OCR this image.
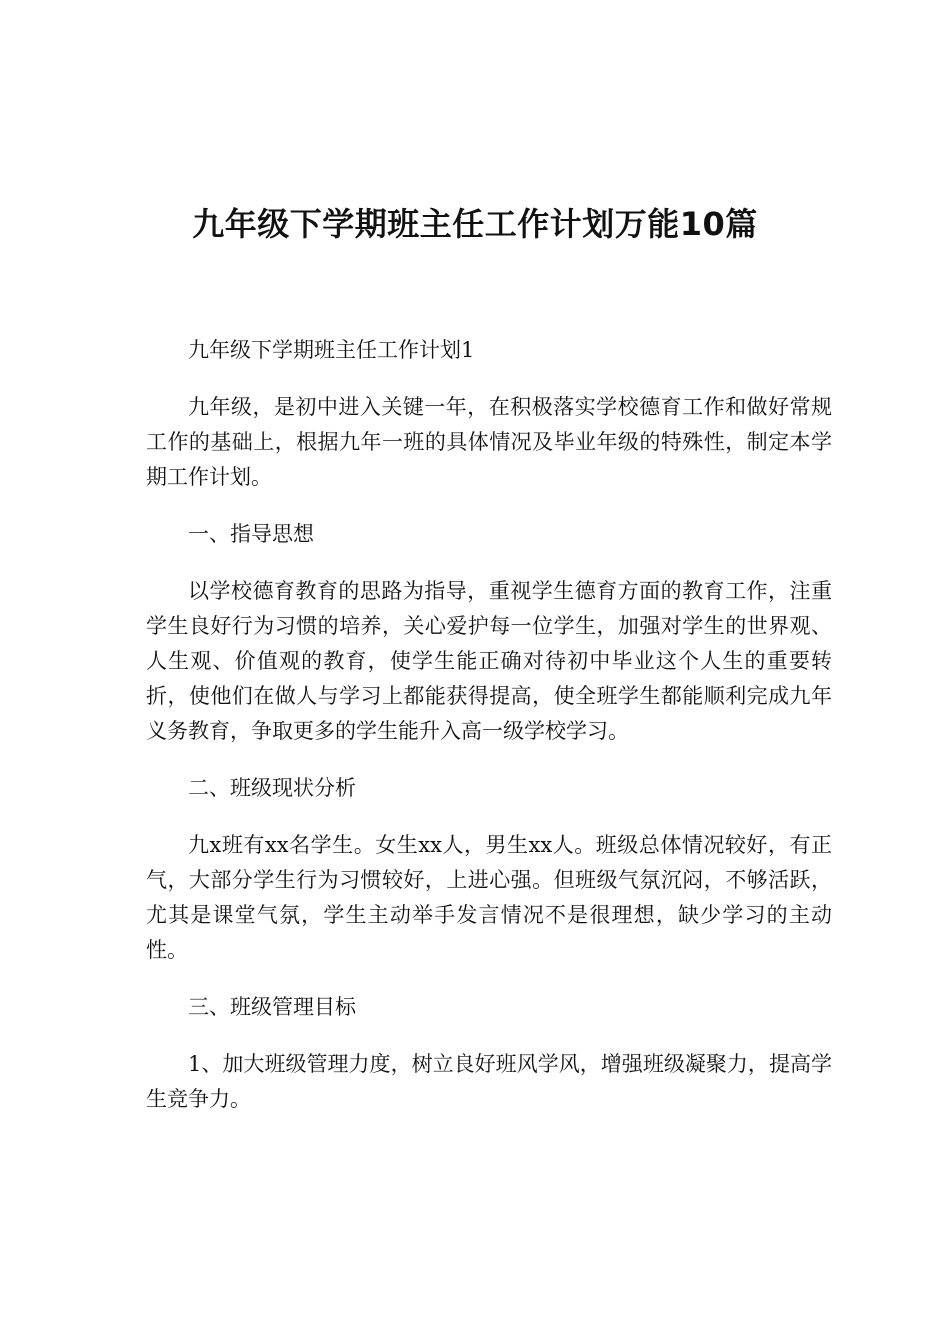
九年级下学期班主任工作计划万能10篇

九年级下学期班主任工作计划1

九年级，是初中进入关键一年，在积极落实学校德育工作和做好常规工作的基础上，根据九年一班的具体情况及毕业年级的特殊性，制定本学期工作计划。

一、指导思想

以学校德育教育的思路为指导，重视学生德育方面的教育工作，注重学生良好行为习惯的培养，关心爱护每一位学生，加强对学生的世界观、人生观、价值观的教育，使学生能正确对待初中毕业这个人生的重要转折，使他们在做人与学习上都能获得提高，使全班学生都能顺利完成九年义务教育，争取更多的学生能升入高一级学校学习。

二、班级现状分析

九x班有xx名学生。女生xx人，男生xx人。班级总体情况较好，有正气，大部分学生行为习惯较好，上进心强。但班级气氛沉闷，不够活跃，尤其是课堂气氛，学生主动举手发言情况不是很理想，缺少学习的主动性。

三、班级管理目标

1、加大班级管理力度，树立良好班风学风，增强班级凝聚力，提高学生竞争力。
